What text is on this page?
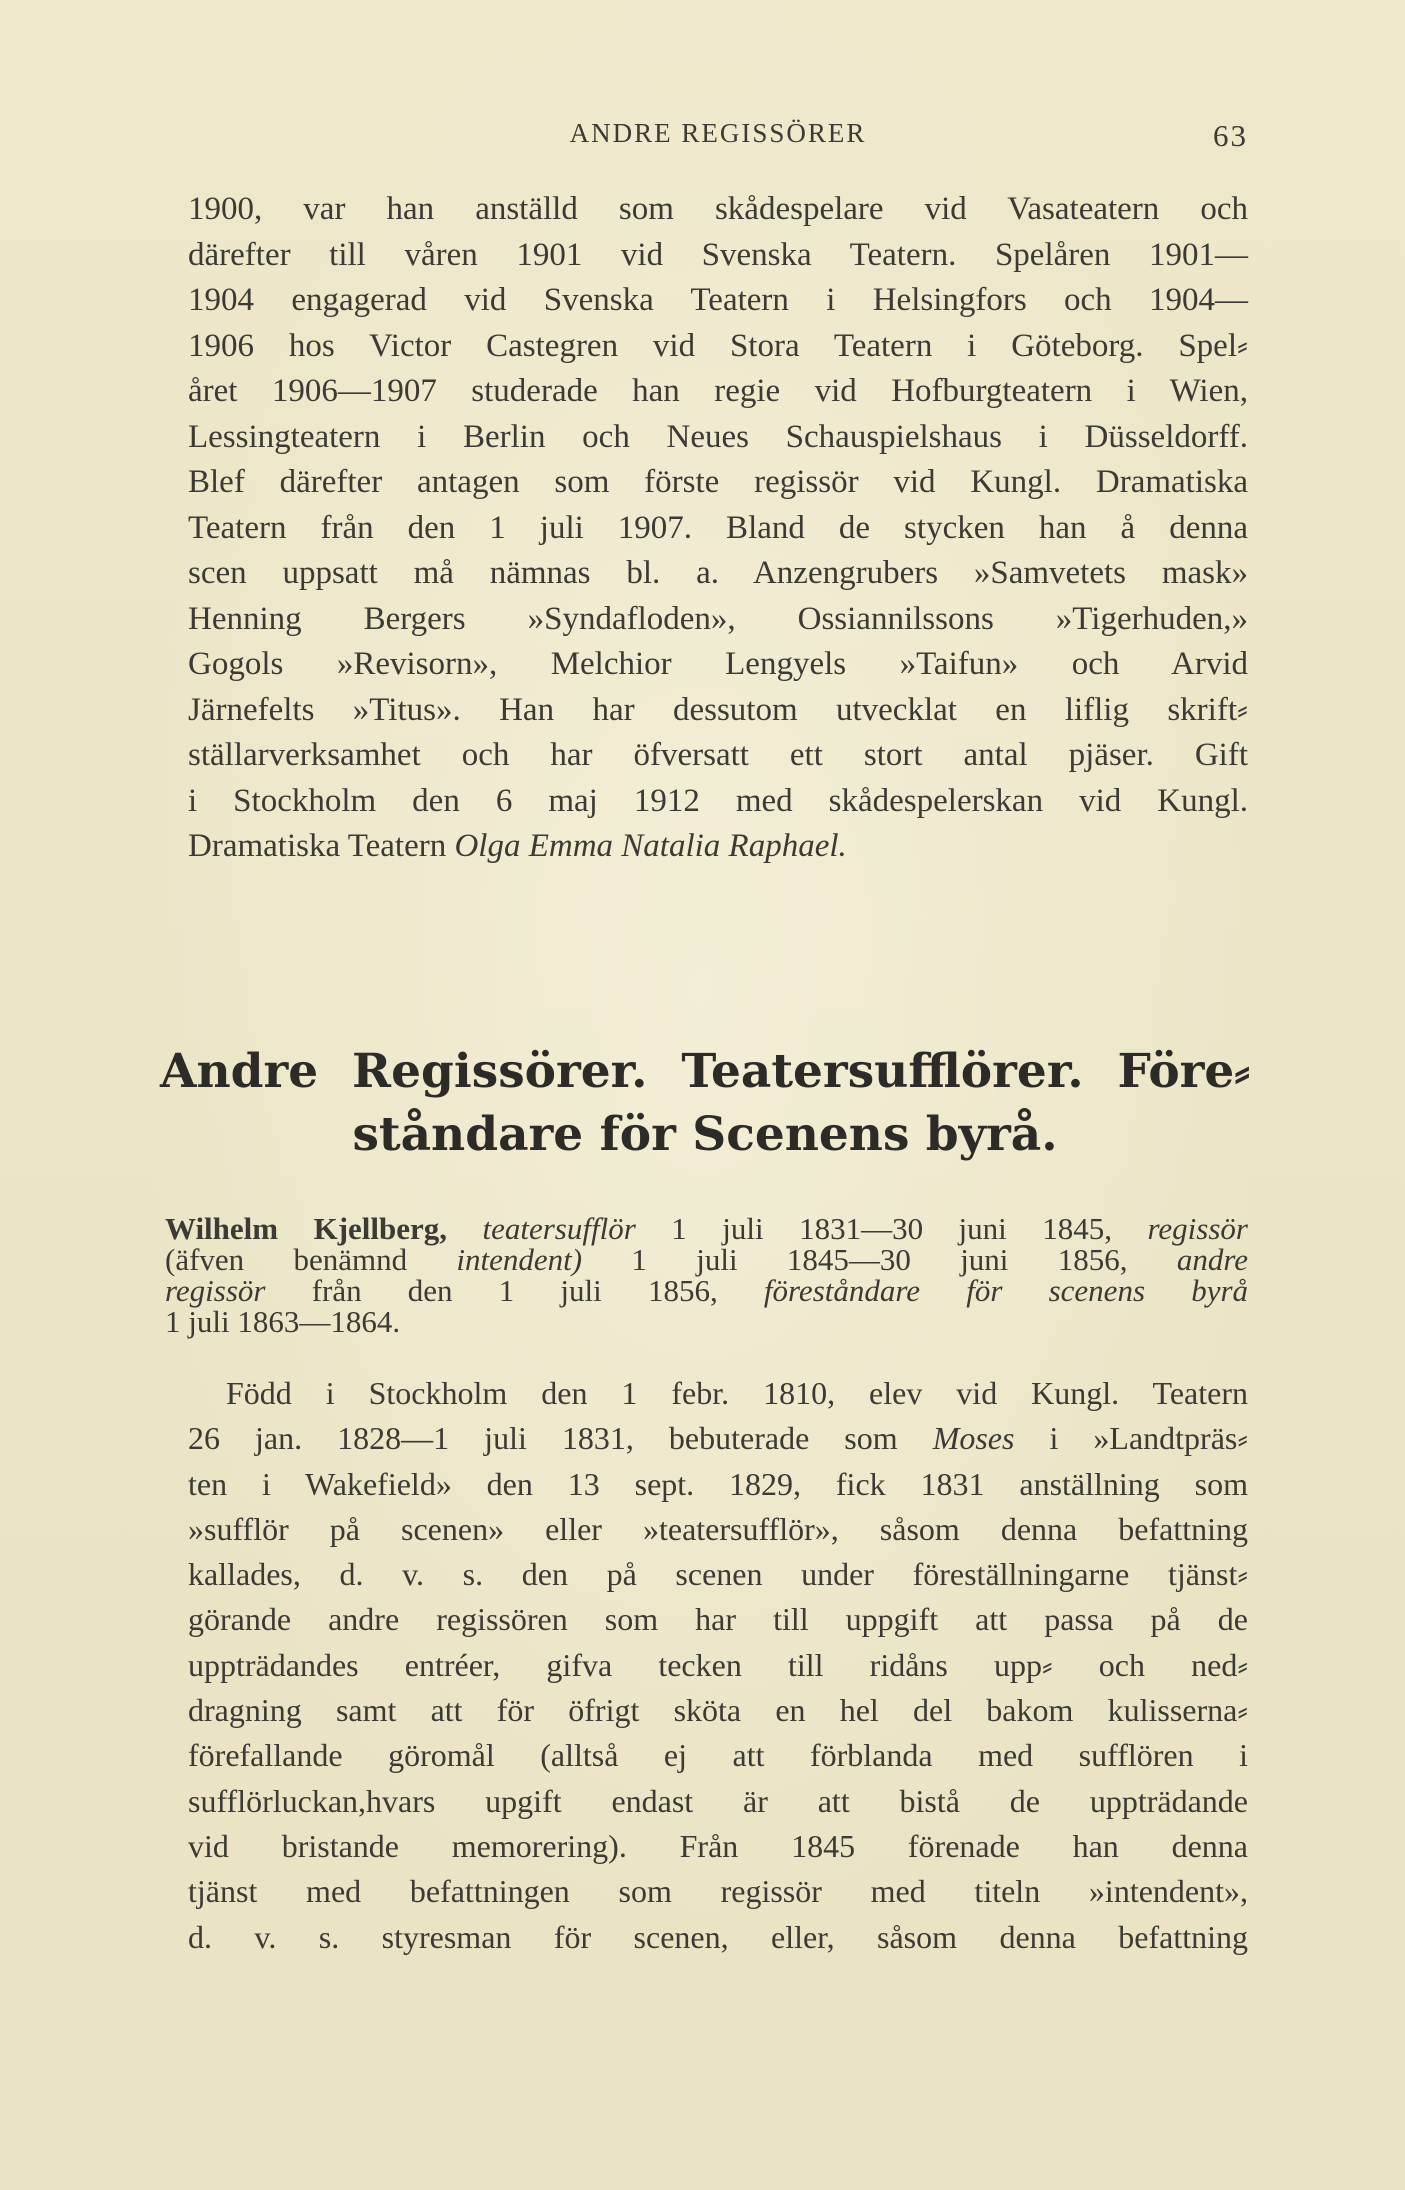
ANDRE REGISSÖRER	63
1900, var han anställd som skådespelare vid Vasateatern och
därefter till våren 1901 vid Svenska Teatern. Spelåren 1901—
1904 engagerad vid Svenska Teatern i Helsingfors och 1904—
1906 hos Victor Castegren vid Stora Teatern i Göteborg. Spel⸗
året 1906—1907 studerade han regie vid Hofburgteatern i Wien,
Lessingteatern i Berlin och Neues Schauspielshaus i Düsseldorff.
Blef därefter antagen som förste regissör vid Kungl. Dramatiska
Teatern från den 1 juli 1907. Bland de stycken han å denna
scen uppsatt må nämnas bl. a. Anzengrubers »Samvetets mask»
Henning Bergers »Syndafloden», Ossiannilssons »Tigerhuden,»
Gogols »Revisorn», Melchior Lengyels »Taifun» och Arvid
Järnefelts »Titus». Han har dessutom utvecklat en liflig skrift⸗
ställarverksamhet och har öfversatt ett stort antal pjäser. Gift
i Stockholm den 6 maj 1912 med skådespelerskan vid Kungl.
Dramatiska Teatern Olga Emma Natalia Raphael.
Andre Regissörer. Teatersufflörer. Före⸗
ståndare för Scenens byrå.
Wilhelm Kjellberg, teatersufflör 1 juli 1831—30 juni 1845, regissör
(äfven benämnd intendent) 1 juli 1845—30 juni 1856, andre
regissör från den 1 juli 1856, föreståndare för scenens byrå
1 juli 1863—1864.
Född i Stockholm den 1 febr. 1810, elev vid Kungl. Teatern
26 jan. 1828—1 juli 1831, bebuterade som Moses i »Landtpräs⸗
ten i Wakefield» den 13 sept. 1829, fick 1831 anställning som
»sufflör på scenen» eller »teatersufflör», såsom denna befattning
kallades, d. v. s. den på scenen under föreställningarne tjänst⸗
görande andre regissören som har till uppgift att passa på de
uppträdandes entréer, gifva tecken till ridåns upp⸗ och ned⸗
dragning samt att för öfrigt sköta en hel del bakom kulisserna⸗
förefallande göromål (alltså ej att förblanda med sufflören i
sufflörluckan,hvars upgift endast är att bistå de uppträdande
vid bristande memorering). Från 1845 förenade han denna
tjänst med befattningen som regissör med titeln »intendent»,
d. v. s. styresman för scenen, eller, såsom denna befattning
